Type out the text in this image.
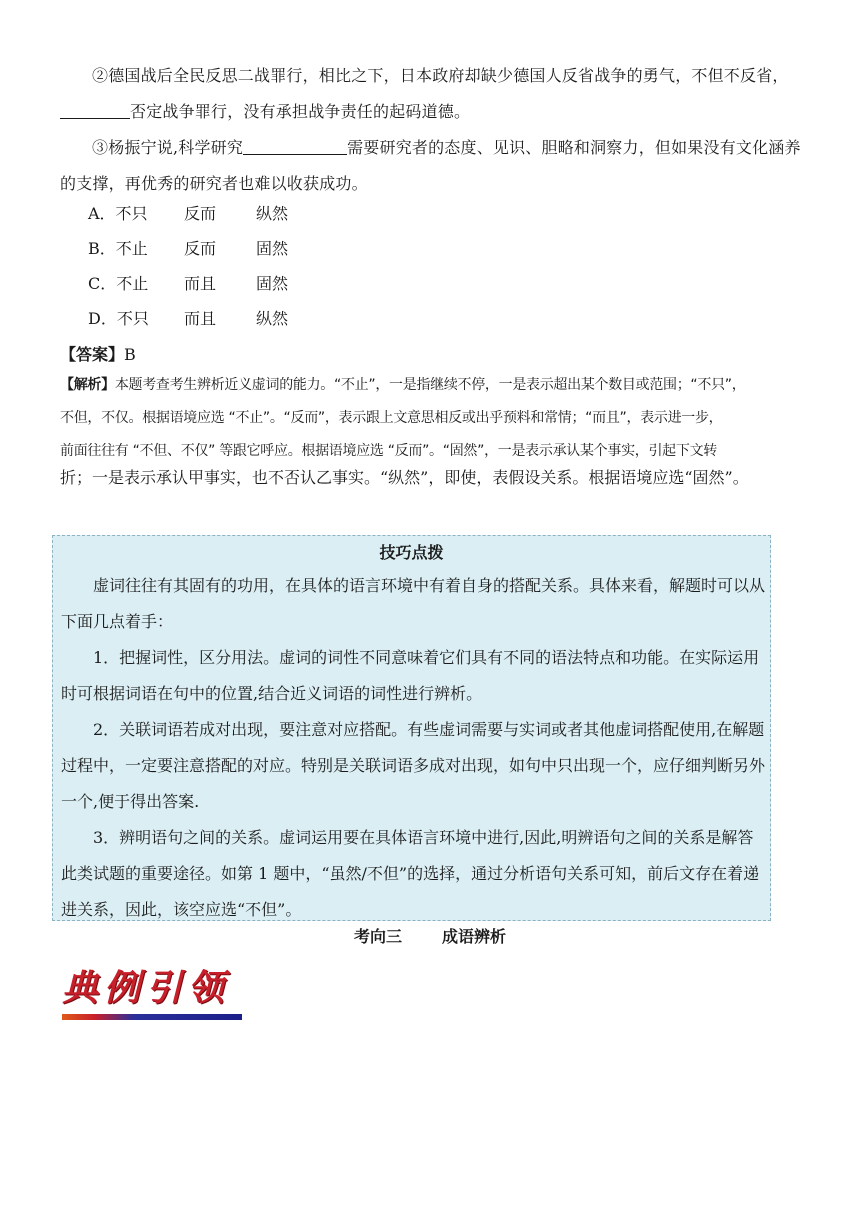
②德国战后全民反思二战罪行，相比之下，日本政府却缺少德国人反省战争的勇气，不但不反省，否定战争罪行，没有承担战争责任的起码道德。
③杨振宁说,科学研究	需要研究者的态度、见识、胆略和洞察力，但如果没有文化涵养的支撑，再优秀的研究者也难以收获成功。
A．不只 反而 纵然
B．不止 反而 固然
C．不止 而且 固然
D．不只 而且 纵然
【答案】B
【解析】本题考查考生辨析近义虚词的能力。“不止”，一是指继续不停，一是表示超出某个数目或范围；“不只”，
不但，不仅。根据语境应选 “不止”。“反而”，表示跟上文意思相反或出乎预料和常情；“而且”，表示进一步，
前面往往有 “不但、不仅” 等跟它呼应。根据语境应选 “反而”。“固然”，一是表示承认某个事实，引起下文转
折；一是表示承认甲事实，也不否认乙事实。“纵然”，即使，表假设关系。根据语境应选“固然”。
技巧点拨
虚词往往有其固有的功用，在具体的语言环境中有着自身的搭配关系。具体来看，解题时可以从下面几点着手：
1．把握词性，区分用法。虚词的词性不同意味着它们具有不同的语法特点和功能。在实际运用时可根据词语在句中的位置,结合近义词语的词性进行辨析。
2．关联词语若成对出现，要注意对应搭配。有些虚词需要与实词或者其他虚词搭配使用,在解题过程中，一定要注意搭配的对应。特别是关联词语多成对出现，如句中只出现一个，应仔细判断另外一个,便于得出答案.
3．辨明语句之间的关系。虚词运用要在具体语言环境中进行,因此,明辨语句之间的关系是解答此类试题的重要途径。如第 1 题中，“虽然/不但”的选择，通过分析语句关系可知，前后文存在着递进关系，因此，该空应选“不但”。
考向三	成语辨析
典例引领
